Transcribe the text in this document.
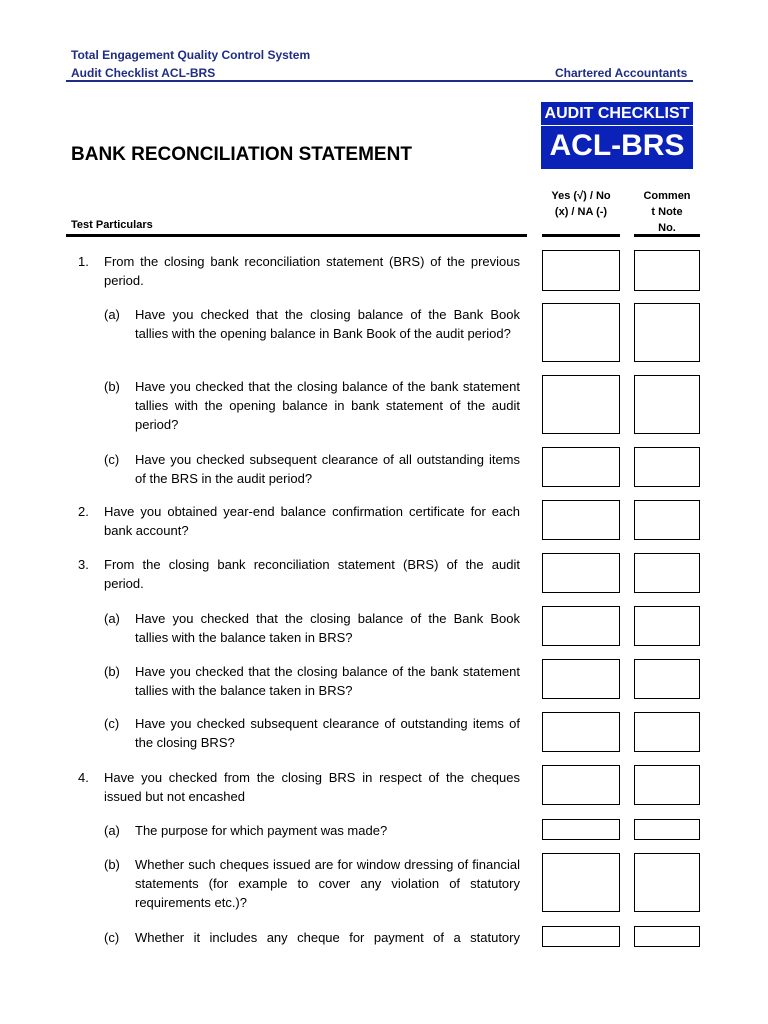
Total Engagement Quality Control System
Audit Checklist ACL-BRS	Chartered Accountants
AUDIT CHECKLIST
ACL-BRS
BANK RECONCILIATION STATEMENT
Yes (√) / No
(x) / NA (-)
Commen
t Note
No.
Test Particulars
1.	From the closing bank reconciliation statement (BRS) of the previous period.
(a)	Have you checked that the closing balance of the Bank Book tallies with the opening balance in Bank Book of the audit period?
(b)	Have you checked that the closing balance of the bank statement tallies with the opening balance in bank statement of the audit period?
(c)	Have you checked subsequent clearance of all outstanding items of the BRS in the audit period?
2.	Have you obtained year-end balance confirmation certificate for each bank account?
3.	From the closing bank reconciliation statement (BRS) of the audit period.
(a)	Have you checked that the closing balance of the Bank Book tallies with the balance taken in BRS?
(b)	Have you checked that the closing balance of the bank statement tallies with the balance taken in BRS?
(c)	Have you checked subsequent clearance of outstanding items of the closing BRS?
4.	Have you checked from the closing BRS in respect of the cheques issued but not encashed
(a)	The purpose for which payment was made?
(b)	Whether such cheques issued are for window dressing of financial statements (for example to cover any violation of statutory requirements etc.)?
(c)	Whether it includes any cheque for payment of a statutory
